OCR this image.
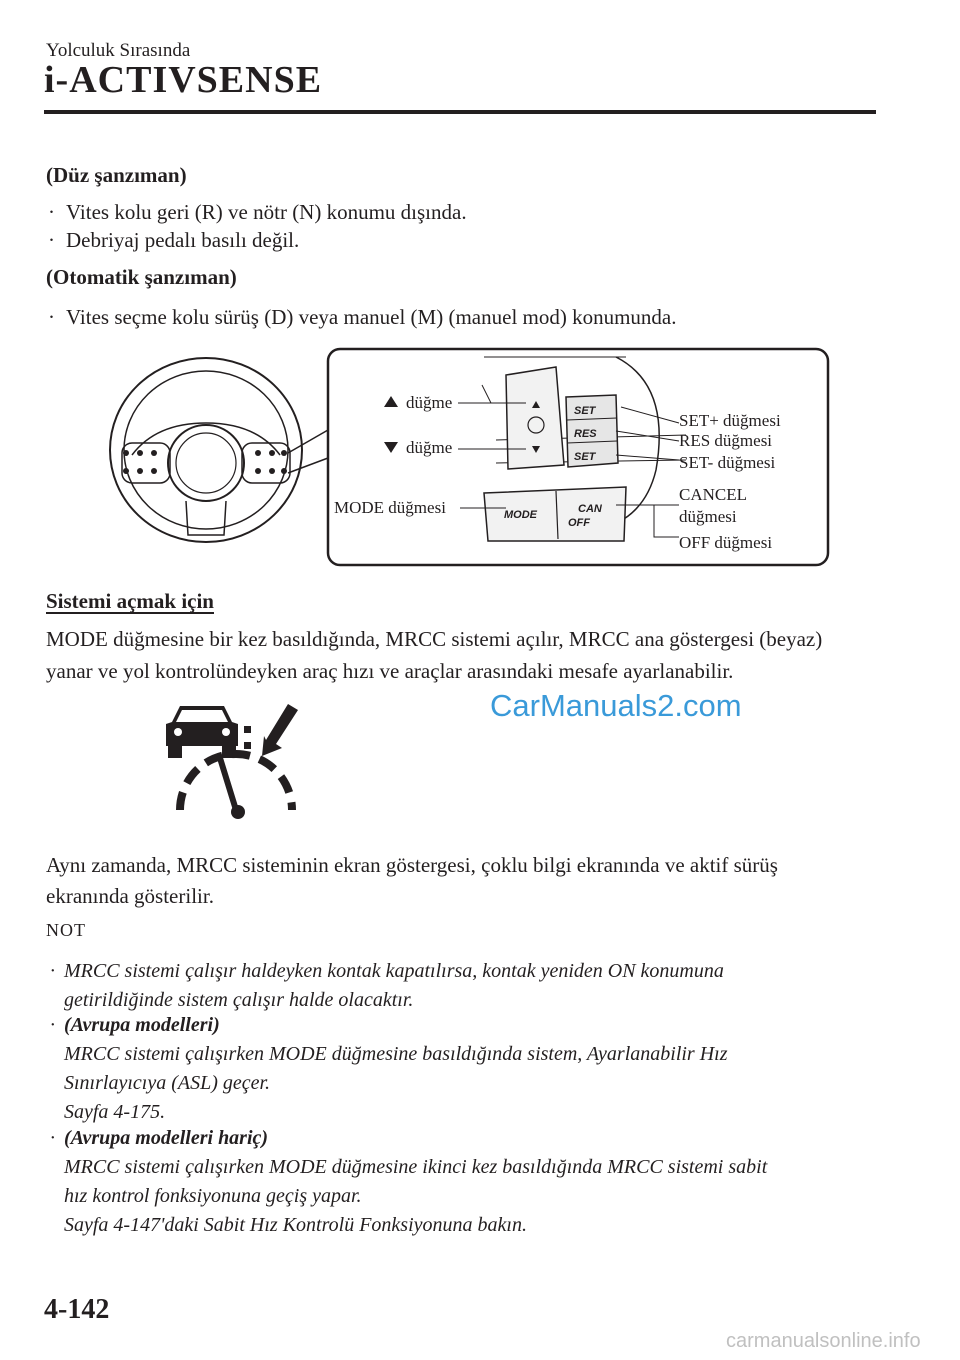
Yolculuk Sırasında
i-ACTIVSENSE
(Düz şanzıman)
· Vites kolu geri (R) ve nötr (N) konumu dışında.
· Debriyaj pedalı basılı değil.
(Otomatik şanzıman)
· Vites seçme kolu sürüş (D) veya manuel (M) (manuel mod) konumunda.
SET
RES
SET
MODE	CAN
OFF
düğme
düğme
MODE düğmesi
SET+ düğmesi
RES düğmesi
SET- düğmesi
CANCEL
düğmesi
OFF düğmesi
Sistemi açmak için
MODE düğmesine bir kez basıldığında, MRCC sistemi açılır, MRCC ana göstergesi (beyaz)
yanar ve yol kontrolündeyken araç hızı ve araçlar arasındaki mesafe ayarlanabilir.
CarManuals2.com
Aynı zamanda, MRCC sisteminin ekran göstergesi, çoklu bilgi ekranında ve aktif sürüş
ekranında gösterilir.
NOT
· MRCC sistemi çalışır haldeyken kontak kapatılırsa, kontak yeniden ON konumuna
getirildiğinde sistem çalışır halde olacaktır.
· (Avrupa modelleri)
MRCC sistemi çalışırken MODE düğmesine basıldığında sistem, Ayarlanabilir Hız
Sınırlayıcıya (ASL) geçer.
Sayfa 4-175.
· (Avrupa modelleri hariç)
MRCC sistemi çalışırken MODE düğmesine ikinci kez basıldığında MRCC sistemi sabit
hız kontrol fonksiyonuna geçiş yapar.
Sayfa 4-147'daki Sabit Hız Kontrolü Fonksiyonuna bakın.
4-142
carmanualsonline.info
